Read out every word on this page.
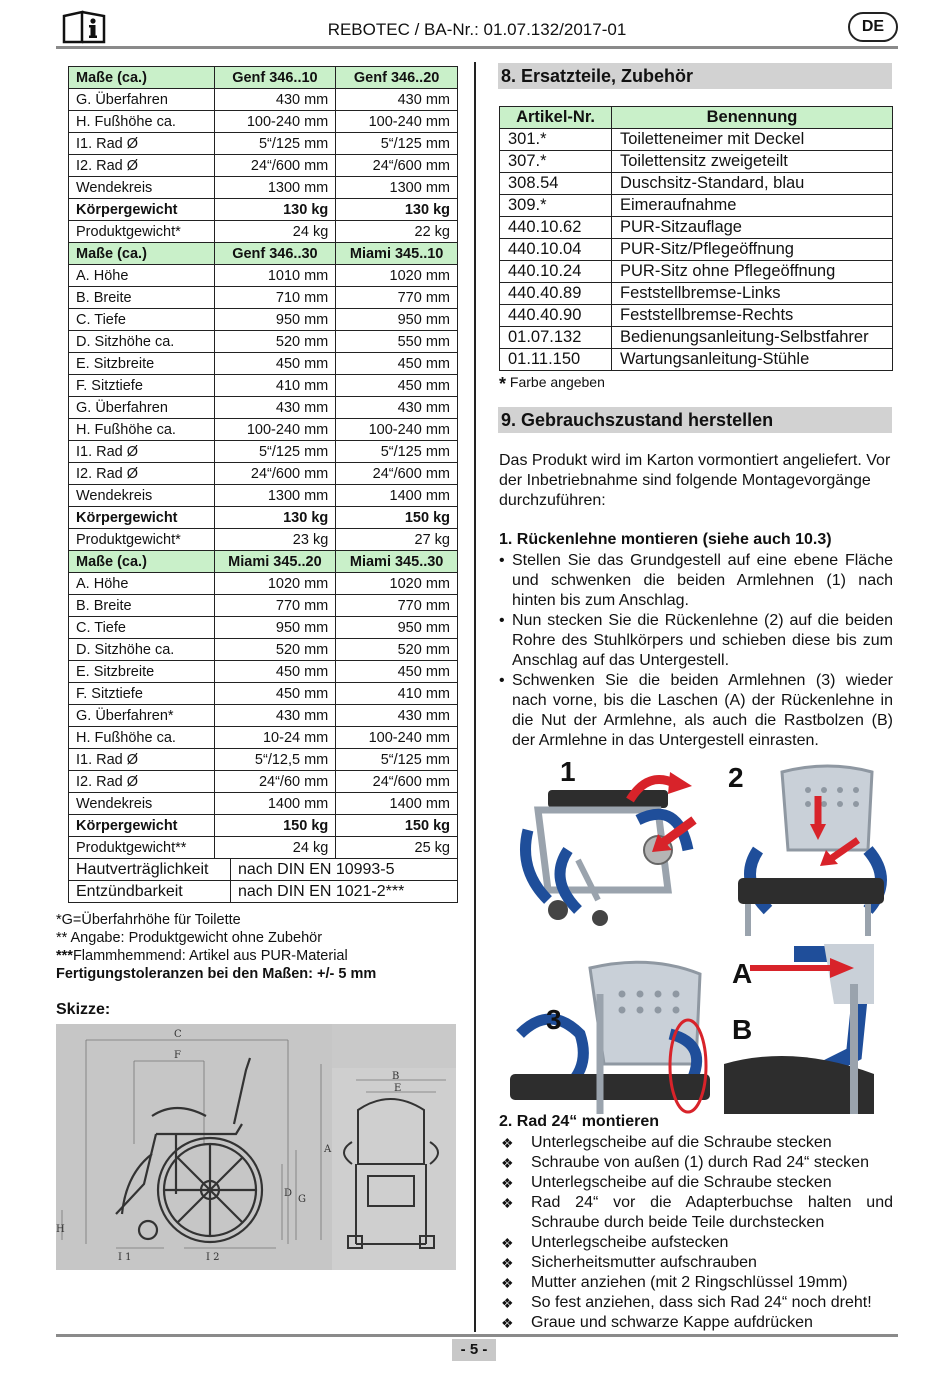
REBOTEC / BA-Nr.: 01.07.132/2017-01	DE
Maße (ca.)	Genf 346..10	Genf 346..20
G. Überfahren	430 mm	430 mm
H. Fußhöhe ca.	100-240 mm	100-240 mm
I1. Rad Ø	5“/125 mm	5“/125 mm
I2. Rad Ø	24“/600 mm	24“/600 mm
Wendekreis	1300 mm	1300 mm
Körpergewicht	130 kg	130 kg
Produktgewicht*	24 kg	22 kg
Maße (ca.)	Genf 346..30	Miami 345..10
A. Höhe	1010 mm	1020 mm
B. Breite	710 mm	770 mm
C. Tiefe	950 mm	950 mm
D. Sitzhöhe ca.	520 mm	550 mm
E. Sitzbreite	450 mm	450 mm
F. Sitztiefe	410 mm	450 mm
G. Überfahren	430 mm	430 mm
H. Fußhöhe ca.	100-240 mm	100-240 mm
I1. Rad Ø	5“/125 mm	5“/125 mm
I2. Rad Ø	24“/600 mm	24“/600 mm
Wendekreis	1300 mm	1400 mm
Körpergewicht	130 kg	150 kg
Produktgewicht*	23 kg	27 kg
Maße (ca.)	Miami 345..20	Miami 345..30
A. Höhe	1020 mm	1020 mm
B. Breite	770 mm	770 mm
C. Tiefe	950 mm	950 mm
D. Sitzhöhe ca.	520 mm	520 mm
E. Sitzbreite	450 mm	450 mm
F. Sitztiefe	450 mm	410 mm
G. Überfahren*	430 mm	430 mm
H. Fußhöhe ca.	10-24 mm	100-240 mm
I1. Rad Ø	5“/12,5 mm	5“/125 mm
I2. Rad Ø	24“/60 mm	24“/600 mm
Wendekreis	1400 mm	1400 mm
Körpergewicht	150 kg	150 kg
Produktgewicht**	24 kg	25 kg
Hautverträglichkeit	nach DIN EN 10993-5
Entzündbarkeit	nach DIN EN 1021-2***
*G=Überfahrhöhe für Toilette
** Angabe: Produktgewicht ohne Zubehör
***Flammhemmend: Artikel aus PUR-Material
Fertigungstoleranzen bei den Maßen: +/- 5 mm
Skizze:
C
F
B
E
A
G
D
H
I 1	I 2
8. Ersatzteile, Zubehör
Artikel-Nr.	Benennung
301.*	Toiletteneimer mit Deckel
307.*	Toilettensitz zweigeteilt
308.54	Duschsitz-Standard, blau
309.*	Eimeraufnahme
440.10.62	PUR-Sitzauflage
440.10.04	PUR-Sitz/Pflegeöffnung
440.10.24	PUR-Sitz ohne Pflegeöffnung
440.40.89	Feststellbremse-Links
440.40.90	Feststellbremse-Rechts
01.07.132	Bedienungsanleitung-Selbstfahrer
01.11.150	Wartungsanleitung-Stühle
* Farbe angeben
9. Gebrauchszustand herstellen
Das Produkt wird im Karton vormontiert angeliefert. Vor der Inbetriebnahme sind folgende Montagevorgänge durchzuführen:
1. Rückenlehne montieren (siehe auch 10.3)
• Stellen Sie das Grundgestell auf eine ebene Fläche und schwenken die beiden Armlehnen (1) nach hinten bis zum Anschlag.
• Nun stecken Sie die Rückenlehne (2) auf die beiden Rohre des Stuhlkörpers und schieben diese bis zum Anschlag auf das Untergestell.
• Schwenken Sie die beiden Armlehnen (3) wieder nach vorne, bis die Laschen (A) der Rückenlehne in die Nut der Armlehne, als auch die Rastbolzen (B) der Armlehne in das Untergestell einrasten.
1	2
3
A
B
2. Rad 24“ montieren
❖ Unterlegscheibe auf die Schraube stecken
❖ Schraube von außen (1) durch Rad 24“ stecken
❖ Unterlegscheibe auf die Schraube stecken
❖ Rad 24“ vor die Adapterbuchse halten und Schraube durch beide Teile durchstecken
❖ Unterlegscheibe aufstecken
❖ Sicherheitsmutter aufschrauben
❖ Mutter anziehen (mit 2 Ringschlüssel 19mm)
❖ So fest anziehen, dass sich Rad 24“ noch dreht!
❖ Graue und schwarze Kappe aufdrücken
- 5 -
